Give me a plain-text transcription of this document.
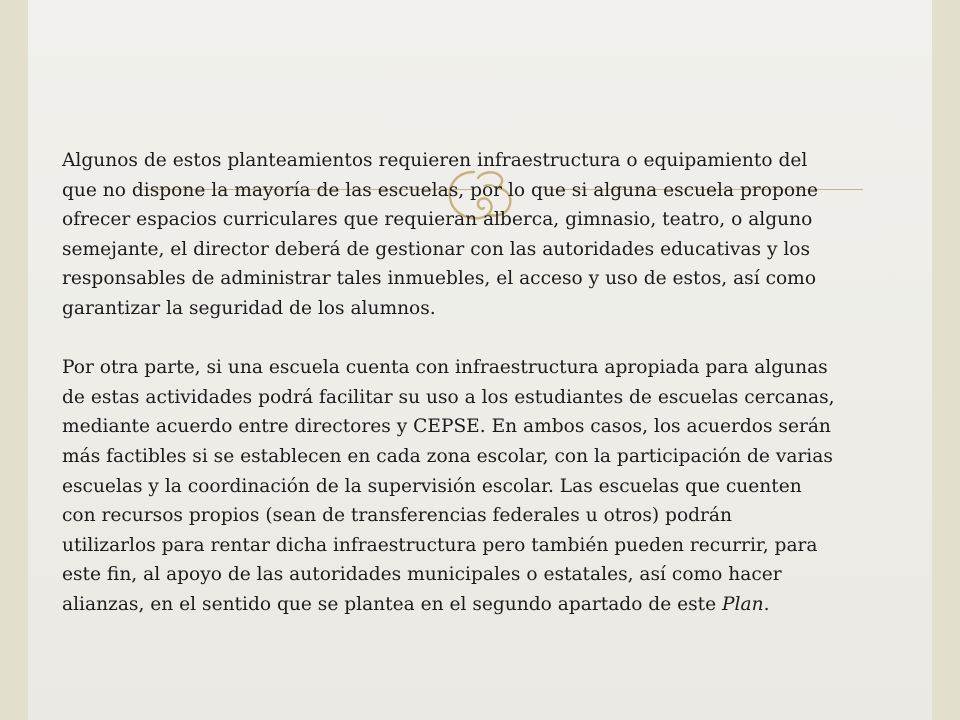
Algunos de estos planteamientos requieren infraestructura o equipamiento del
que no dispone la mayoría de las escuelas, por lo que si alguna escuela propone
ofrecer espacios curriculares que requieran alberca, gimnasio, teatro, o alguno
semejante, el director deberá de gestionar con las autoridades educativas y los
responsables de administrar tales inmuebles, el acceso y uso de estos, así como
garantizar la seguridad de los alumnos.

Por otra parte, si una escuela cuenta con infraestructura apropiada para algunas
de estas actividades podrá facilitar su uso a los estudiantes de escuelas cercanas,
mediante acuerdo entre directores y CEPSE. En ambos casos, los acuerdos serán
más factibles si se establecen en cada zona escolar, con la participación de varias
escuelas y la coordinación de la supervisión escolar. Las escuelas que cuenten
con recursos propios (sean de transferencias federales u otros) podrán
utilizarlos para rentar dicha infraestructura pero también pueden recurrir, para
este fin, al apoyo de las autoridades municipales o estatales, así como hacer
alianzas, en el sentido que se plantea en el segundo apartado de este Plan.
